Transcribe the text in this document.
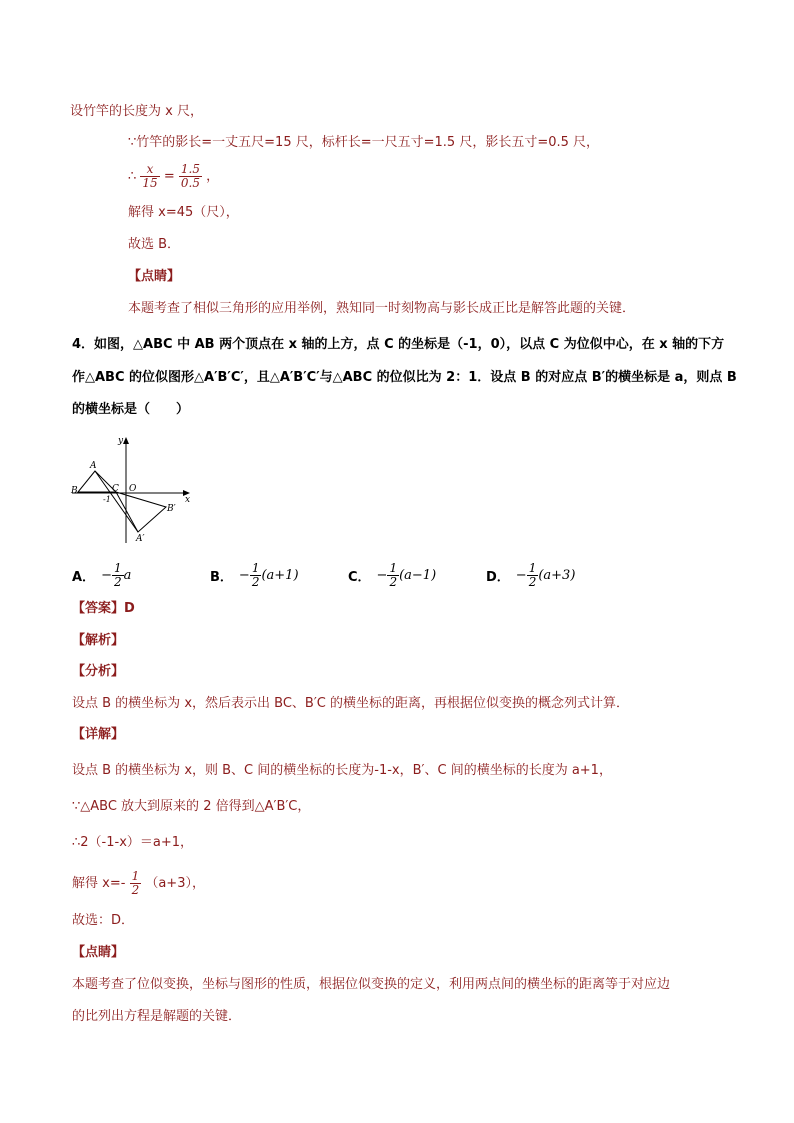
设竹竿的长度为 x 尺，
∵竹竿的影长=一丈五尺=15 尺，标杆长=一尺五寸=1.5 尺，影长五寸=0.5 尺，
∴ $\frac{x}{15} = \frac{1.5}{0.5}$ ，
解得 x=45（尺），
故选 B．
【点睛】
本题考查了相似三角形的应用举例，熟知同一时刻物高与影长成正比是解答此题的关键．
4．如图，△ABC 中 AB 两个顶点在 x 轴的上方，点 C 的坐标是（-1，0），以点 C 为位似中心，在 x 轴的下方
作△ABC 的位似图形△A′B′C′，且△A′B′C′与△ABC 的位似比为 2：1．设点 B 的对应点 B′的横坐标是 a，则点 B
的横坐标是（　　）
y
x
A
B	C O
-1
B′
A′
A． − $\frac{1}{2}$ a	B． − $\frac{1}{2} (a+1)$	C． − $\frac{1}{2} (a-1)$	D． − $\frac{1}{2} (a+3)$
【答案】D
【解析】
【分析】
设点 B 的横坐标为 x，然后表示出 BC、B′C 的横坐标的距离，再根据位似变换的概念列式计算．
【详解】
设点 B 的横坐标为 x，则 B、C 间的横坐标的长度为-1-x，B′、C 间的横坐标的长度为 a+1，
∵△ABC 放大到原来的 2 倍得到△A′B′C，
∴2（-1-x）＝a+1，
解得 $x=- \frac{1}{2} (a+3)$，
故选：D．
【点睛】
本题考查了位似变换，坐标与图形的性质，根据位似变换的定义，利用两点间的横坐标的距离等于对应边
的比列出方程是解题的关键．
